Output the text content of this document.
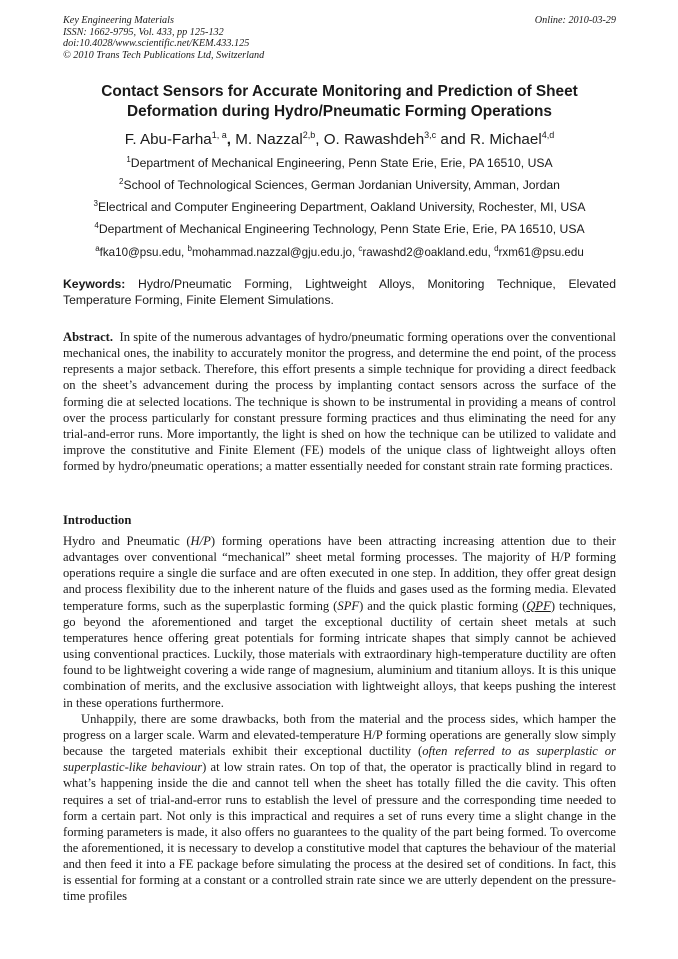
Key Engineering Materials
ISSN: 1662-9795, Vol. 433, pp 125-132
doi:10.4028/www.scientific.net/KEM.433.125
© 2010 Trans Tech Publications Ltd, Switzerland
Online: 2010-03-29
Contact Sensors for Accurate Monitoring and Prediction of Sheet
Deformation during Hydro/Pneumatic Forming Operations
F. Abu-Farha$^{1, a}$, M. Nazzal$^{2,b}$, O. Rawashdeh$^{3,c}$ and R. Michael$^{4,d}$
$^1$Department of Mechanical Engineering, Penn State Erie, Erie, PA 16510, USA
$^2$School of Technological Sciences, German Jordanian University, Amman, Jordan
$^3$Electrical and Computer Engineering Department, Oakland University, Rochester, MI, USA
$^4$Department of Mechanical Engineering Technology, Penn State Erie, Erie, PA 16510, USA
$^a$fka10@psu.edu, $^b$mohammad.nazzal@gju.edu.jo, $^c$rawashd2@oakland.edu, $^d$rxm61@psu.edu
Keywords: Hydro/Pneumatic Forming, Lightweight Alloys, Monitoring Technique, Elevated Temperature Forming, Finite Element Simulations.

Abstract. In spite of the numerous advantages of hydro/pneumatic forming operations over the conventional mechanical ones, the inability to accurately monitor the progress, and determine the end point, of the process represents a major setback. Therefore, this effort presents a simple technique for providing a direct feedback on the sheet’s advancement during the process by implanting contact sensors across the surface of the forming die at selected locations. The technique is shown to be instrumental in providing a means of control over the process particularly for constant pressure forming practices and thus eliminating the need for any trial-and-error runs. More importantly, the light is shed on how the technique can be utilized to validate and improve the constitutive and Finite Element (FE) models of the unique class of lightweight alloys often formed by hydro/pneumatic operations; a matter essentially needed for constant strain rate forming practices.

Introduction

Hydro and Pneumatic (H/P) forming operations have been attracting increasing attention due to their advantages over conventional “mechanical” sheet metal forming processes. The majority of H/P forming operations require a single die surface and are often executed in one step. In addition, they offer great design and process flexibility due to the inherent nature of the fluids and gases used as the forming media. Elevated temperature forms, such as the superplastic forming (SPF) and the quick plastic forming (QPF) techniques, go beyond the aforementioned and target the exceptional ductility of certain sheet metals at such temperatures hence offering great potentials for forming intricate shapes that simply cannot be achieved using conventional practices. Luckily, those materials with extraordinary high-temperature ductility are often found to be lightweight covering a wide range of magnesium, aluminium and titanium alloys. It is this unique combination of merits, and the exclusive association with lightweight alloys, that keeps pushing the interest in these operations furthermore.

Unhappily, there are some drawbacks, both from the material and the process sides, which hamper the progress on a larger scale. Warm and elevated-temperature H/P forming operations are generally slow simply because the targeted materials exhibit their exceptional ductility (often referred to as superplastic or superplastic-like behaviour) at low strain rates. On top of that, the operator is practically blind in regard to what’s happening inside the die and cannot tell when the sheet has totally filled the die cavity. This often requires a set of trial-and-error runs to establish the level of pressure and the corresponding time needed to form a certain part. Not only is this impractical and requires a set of runs every time a slight change in the forming parameters is made, it also offers no guarantees to the quality of the part being formed. To overcome the aforementioned, it is necessary to develop a constitutive model that captures the behaviour of the material and then feed it into a FE package before simulating the process at the desired set of conditions. In fact, this is essential for forming at a constant or a controlled strain rate since we are utterly dependent on the pressure-time profiles
